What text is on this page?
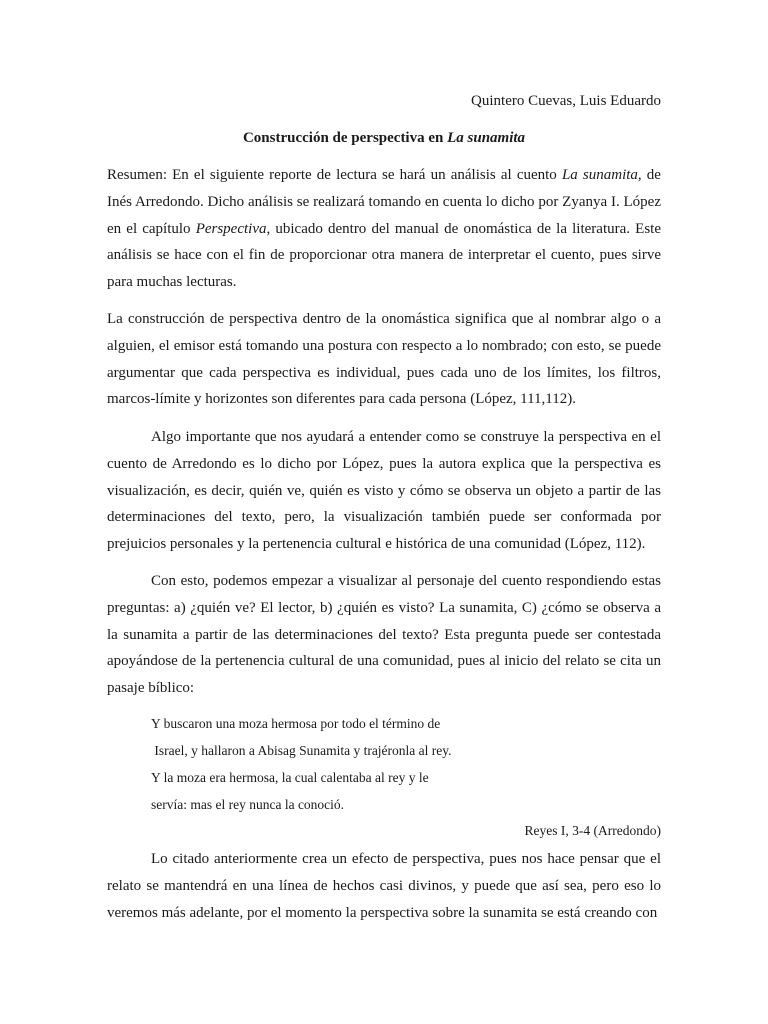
Quintero Cuevas, Luis Eduardo
Construcción de perspectiva en La sunamita

Resumen: En el siguiente reporte de lectura se hará un análisis al cuento La sunamita, de Inés Arredondo. Dicho análisis se realizará tomando en cuenta lo dicho por Zyanya I. López en el capítulo Perspectiva, ubicado dentro del manual de onomástica de la literatura. Este análisis se hace con el fin de proporcionar otra manera de interpretar el cuento, pues sirve para muchas lecturas.

La construcción de perspectiva dentro de la onomástica significa que al nombrar algo o a alguien, el emisor está tomando una postura con respecto a lo nombrado; con esto, se puede argumentar que cada perspectiva es individual, pues cada uno de los límites, los filtros, marcos-límite y horizontes son diferentes para cada persona (López, 111,112).

Algo importante que nos ayudará a entender como se construye la perspectiva en el cuento de Arredondo es lo dicho por López, pues la autora explica que la perspectiva es visualización, es decir, quién ve, quién es visto y cómo se observa un objeto a partir de las determinaciones del texto, pero, la visualización también puede ser conformada por prejuicios personales y la pertenencia cultural e histórica de una comunidad (López, 112).

Con esto, podemos empezar a visualizar al personaje del cuento respondiendo estas preguntas: a) ¿quién ve? El lector, b) ¿quién es visto? La sunamita, C) ¿cómo se observa a la sunamita a partir de las determinaciones del texto? Esta pregunta puede ser contestada apoyándose de la pertenencia cultural de una comunidad, pues al inicio del relato se cita un pasaje bíblico:

Y buscaron una moza hermosa por todo el término de
Israel, y hallaron a Abisag Sunamita y trajéronla al rey.
Y la moza era hermosa, la cual calentaba al rey y le
servía: mas el rey nunca la conoció.
Reyes I, 3-4 (Arredondo)

Lo citado anteriormente crea un efecto de perspectiva, pues nos hace pensar que el relato se mantendrá en una línea de hechos casi divinos, y puede que así sea, pero eso lo veremos más adelante, por el momento la perspectiva sobre la sunamita se está creando con
